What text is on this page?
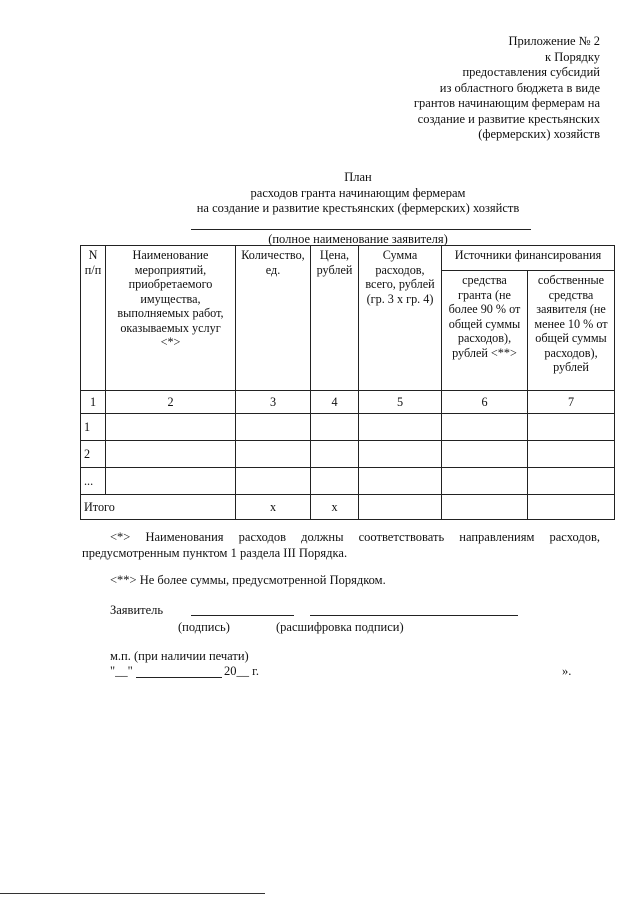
Приложение № 2
к Порядку
предоставления субсидий
из областного бюджета в виде
грантов начинающим фермерам на
создание и развитие крестьянских
(фермерских) хозяйств
План
расходов гранта начинающим фермерам
на создание и развитие крестьянских (фермерских) хозяйств
(полное наименование заявителя)
N п/п	Наименование мероприятий, приобретаемого имущества, выполняемых работ, оказываемых услуг <*>	Количество, ед.	Цена, рублей	Сумма расходов, всего, рублей (гр. 3 x гр. 4)	Источники финансирования	
					средства гранта (не более 90 % от общей суммы расходов), рублей <**>	собственные средства заявителя (не менее 10 % от общей суммы расходов), рублей
1	2	3	4	5	6	7
1						
2						
...						
Итого		x	x			
<*> Наименования расходов должны соответствовать направлениям расходов, предусмотренным пунктом 1 раздела III Порядка.
<**> Не более суммы, предусмотренной Порядком.
Заявитель
(подпись)	(расшифровка подписи)
м.п. (при наличии печати)
"__"	20__ г.	».
